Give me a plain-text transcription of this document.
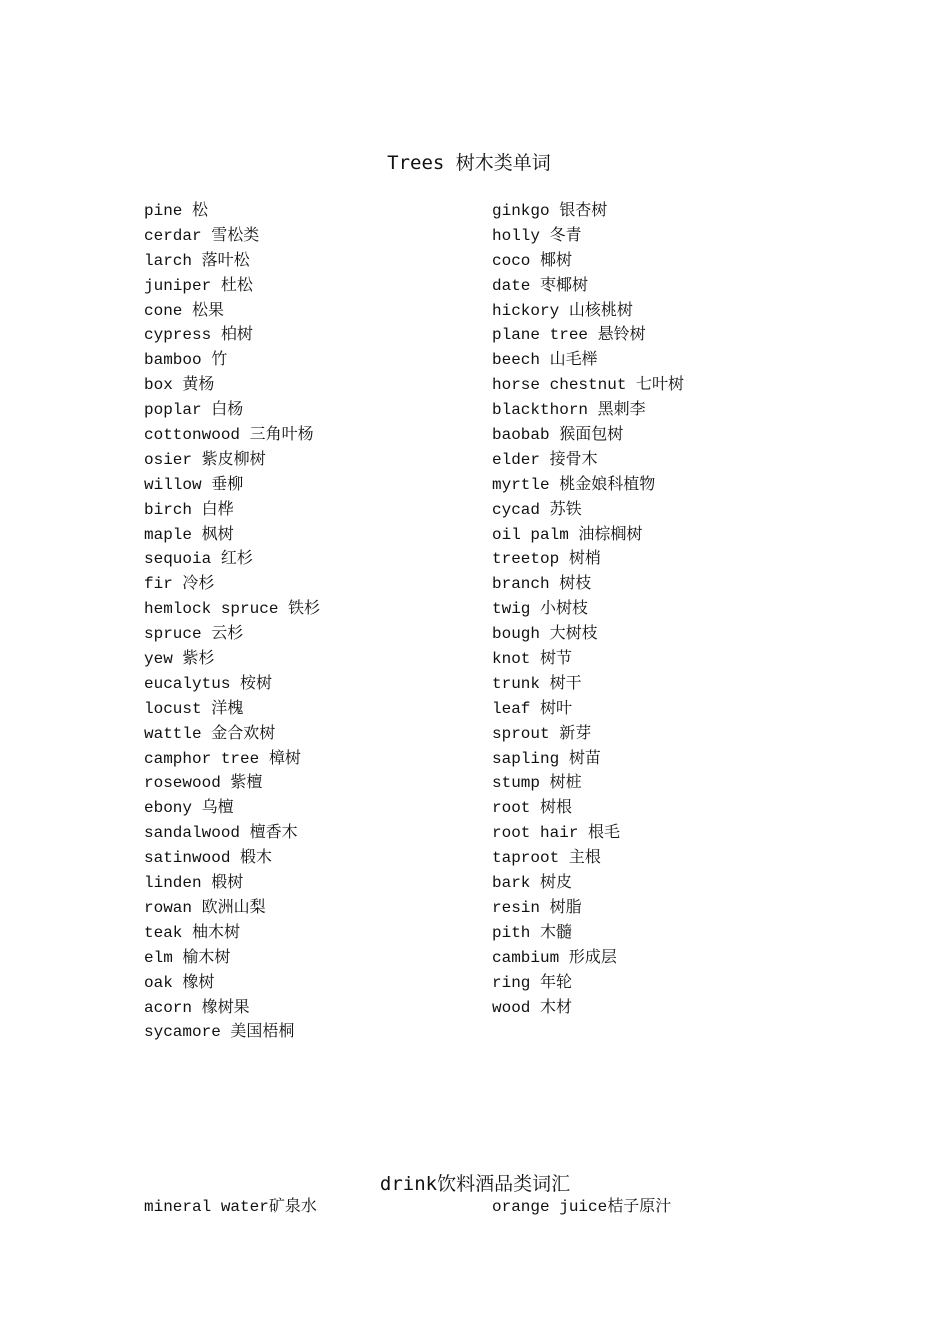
Trees 树木类单词
pine 松
cerdar 雪松类
larch 落叶松
juniper 杜松
cone 松果
cypress 柏树
bamboo 竹
box 黄杨
poplar 白杨
cottonwood 三角叶杨
osier 紫皮柳树
willow 垂柳
birch 白桦
maple 枫树
sequoia 红杉
fir 冷杉
hemlock spruce 铁杉
spruce 云杉
yew 紫杉
eucalytus 桉树
locust 洋槐
wattle 金合欢树
camphor tree 樟树
rosewood 紫檀
ebony 乌檀
sandalwood 檀香木
satinwood 椴木
linden 椴树
rowan 欧洲山梨
teak 柚木树
elm 榆木树
oak 橡树
acorn 橡树果
sycamore 美国梧桐
ginkgo 银杏树
holly 冬青
coco 椰树
date 枣椰树
hickory 山核桃树
plane tree 悬铃树
beech 山毛榉
horse chestnut 七叶树
blackthorn 黑刺李
baobab 猴面包树
elder 接骨木
myrtle 桃金娘科植物
cycad 苏铁
oil palm 油棕榈树
treetop 树梢
branch 树枝
twig 小树枝
bough 大树枝
knot 树节
trunk 树干
leaf 树叶
sprout 新芽
sapling 树苗
stump 树桩
root 树根
root hair 根毛
taproot 主根
bark 树皮
resin 树脂
pith 木髓
cambium 形成层
ring 年轮
wood 木材
drink饮料酒品类词汇
mineral water矿泉水	orange juice桔子原汁
